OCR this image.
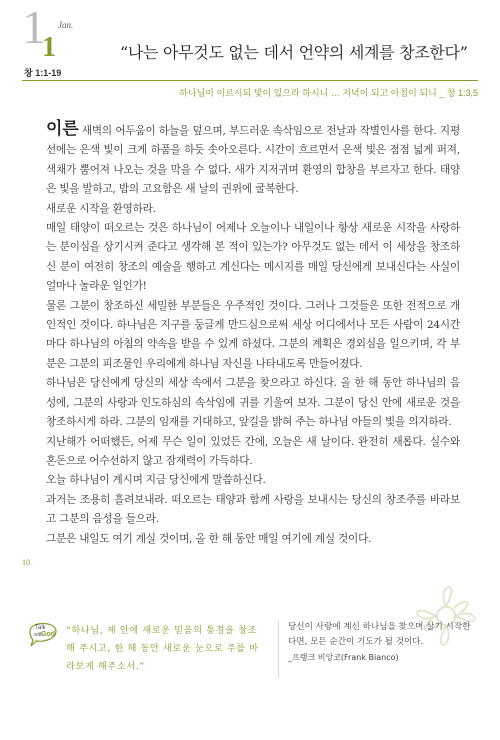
1 Jan.
1
창 1:1-19
“나는 아무것도 없는 데서 언약의 세계를 창조한다”
하나님이 이르시되 빛이 있으라 하시니 … 저녁이 되고 아침이 되니 _ 창 1:3,5

이른 새벽의 어두움이 하늘을 덮으며, 부드러운 속삭임으로 전날과 작별인사를 한다. 지평선에는 은색 빛이 크게 하품을 하듯 솟아오른다. 시간이 흐르면서 은색 빛은 점점 넓게 퍼져, 색채가 뿜어져 나오는 것을 막을 수 없다. 새가 지저귀며 환영의 합창을 부르자고 한다. 태양은 빛을 발하고, 밤의 고요함은 새 날의 권위에 굴복한다.

새로운 시작을 환영하라.

매일 태양이 떠오르는 것은 하나님이 어제나 오늘이나 내일이나 항상 새로운 시작을 사랑하는 분이심을 상기시켜 준다고 생각해 본 적이 있는가? 아무것도 없는 데서 이 세상을 창조하신 분이 여전히 창조의 예술을 행하고 계신다는 메시지를 매일 당신에게 보내신다는 사실이 얼마나 놀라운 일인가!

물론 그분이 창조하신 세밀한 부분들은 우주적인 것이다. 그러나 그것들은 또한 전적으로 개인적인 것이다. 하나님은 지구를 둥글게 만드심으로써 세상 어디에서나 모든 사람이 24시간마다 하나님의 아침의 약속을 받을 수 있게 하셨다. 그분의 계획은 경외심을 일으키며, 각 부분은 그분의 피조물인 우리에게 하나님 자신을 나타내도록 만들어졌다.

하나님은 당신에게 당신의 세상 속에서 그분을 찾으라고 하신다. 올 한 해 동안 하나님의 음성에, 그분의 사랑과 인도하심의 속삭임에 귀를 기울여 보자. 그분이 당신 안에 새로운 것을 창조하시게 하라. 그분의 임재를 기대하고, 앞길을 밝혀 주는 하나님 아들의 빛을 의지하라.

지난해가 어떠했든, 어제 무슨 일이 있었든 간에, 오늘은 새 날이다. 완전히 새롭다. 실수와 혼돈으로 어수선하지 않고 잠재력이 가득하다.

오늘 하나님이 계시며 지금 당신에게 말씀하신다.

과거는 조용히 흘려보내라. 떠오르는 태양과 함께 사랑을 보내시는 당신의 창조주를 바라보고 그분의 음성을 들으라.

그분은 내일도 여기 계실 것이며, 올 한 해 동안 매일 여기에 계실 것이다.

10
Talk
with
God “하나님, 제 안에 새로운 믿음의 통경을 창조해 주시고, 한 해 동안 새로운 눈으로 주를 바라보게 해주소서.”
당신이 사랑에 계신 하나님을 찾으며 살기 시작한다면, 모든 순간이 기도가 될 것이다.
_프랭크 비앙코(Frank Bianco)
